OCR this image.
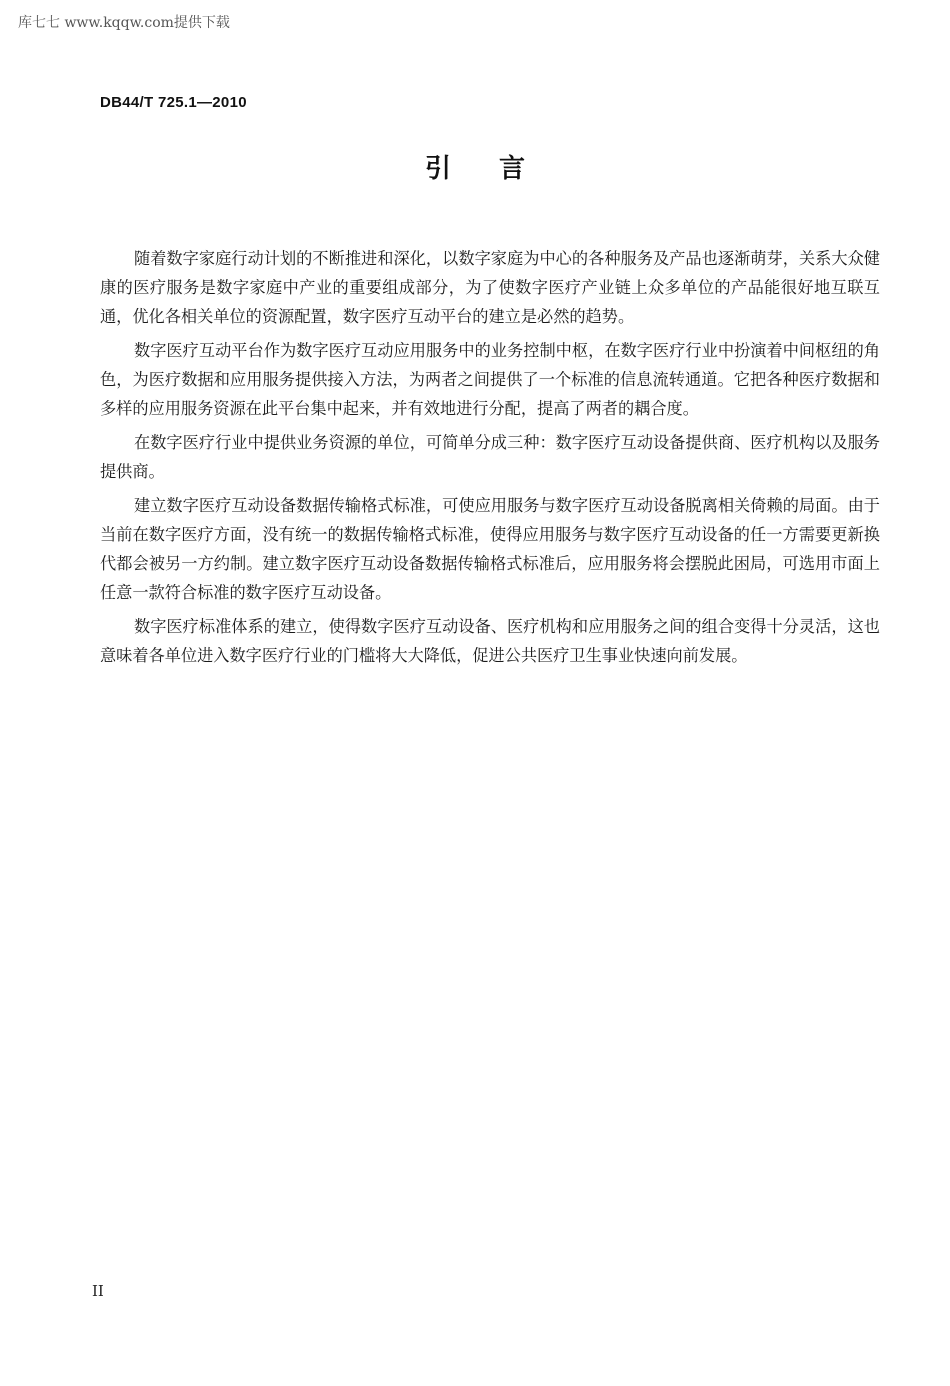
库七七 www.kqqw.com提供下载
DB44/T 725.1—2010
引言

随着数字家庭行动计划的不断推进和深化，以数字家庭为中心的各种服务及产品也逐渐萌芽，关系大众健康的医疗服务是数字家庭中产业的重要组成部分，为了使数字医疗产业链上众多单位的产品能很好地互联互通，优化各相关单位的资源配置，数字医疗互动平台的建立是必然的趋势。

数字医疗互动平台作为数字医疗互动应用服务中的业务控制中枢，在数字医疗行业中扮演着中间枢纽的角色，为医疗数据和应用服务提供接入方法，为两者之间提供了一个标准的信息流转通道。它把各种医疗数据和多样的应用服务资源在此平台集中起来，并有效地进行分配，提高了两者的耦合度。

在数字医疗行业中提供业务资源的单位，可简单分成三种：数字医疗互动设备提供商、医疗机构以及服务提供商。

建立数字医疗互动设备数据传输格式标准，可使应用服务与数字医疗互动设备脱离相关倚赖的局面。由于当前在数字医疗方面，没有统一的数据传输格式标准，使得应用服务与数字医疗互动设备的任一方需要更新换代都会被另一方约制。建立数字医疗互动设备数据传输格式标准后，应用服务将会摆脱此困局，可选用市面上任意一款符合标准的数字医疗互动设备。

数字医疗标准体系的建立，使得数字医疗互动设备、医疗机构和应用服务之间的组合变得十分灵活，这也意味着各单位进入数字医疗行业的门槛将大大降低，促进公共医疗卫生事业快速向前发展。

II
